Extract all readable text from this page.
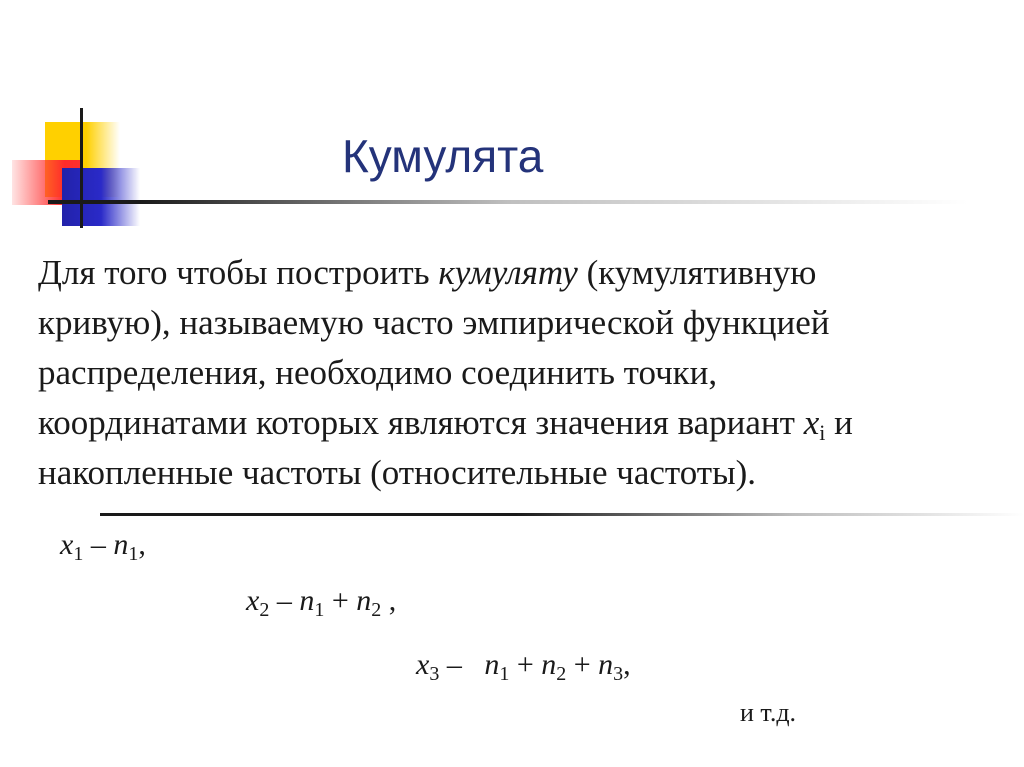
Кумулята
Для того чтобы построить кумуляту (кумулятивную
кривую), называемую часто эмпирической функцией
распределения, необходимо соединить точки,
координатами которых являются значения вариант $x_i$ и
накопленные частоты (относительные частоты).
$x_1 - n_1$,
$x_2 - n_1 + n_2$ ,
$x_3 - n_1 + n_2 + n_3$,
и т.д.
